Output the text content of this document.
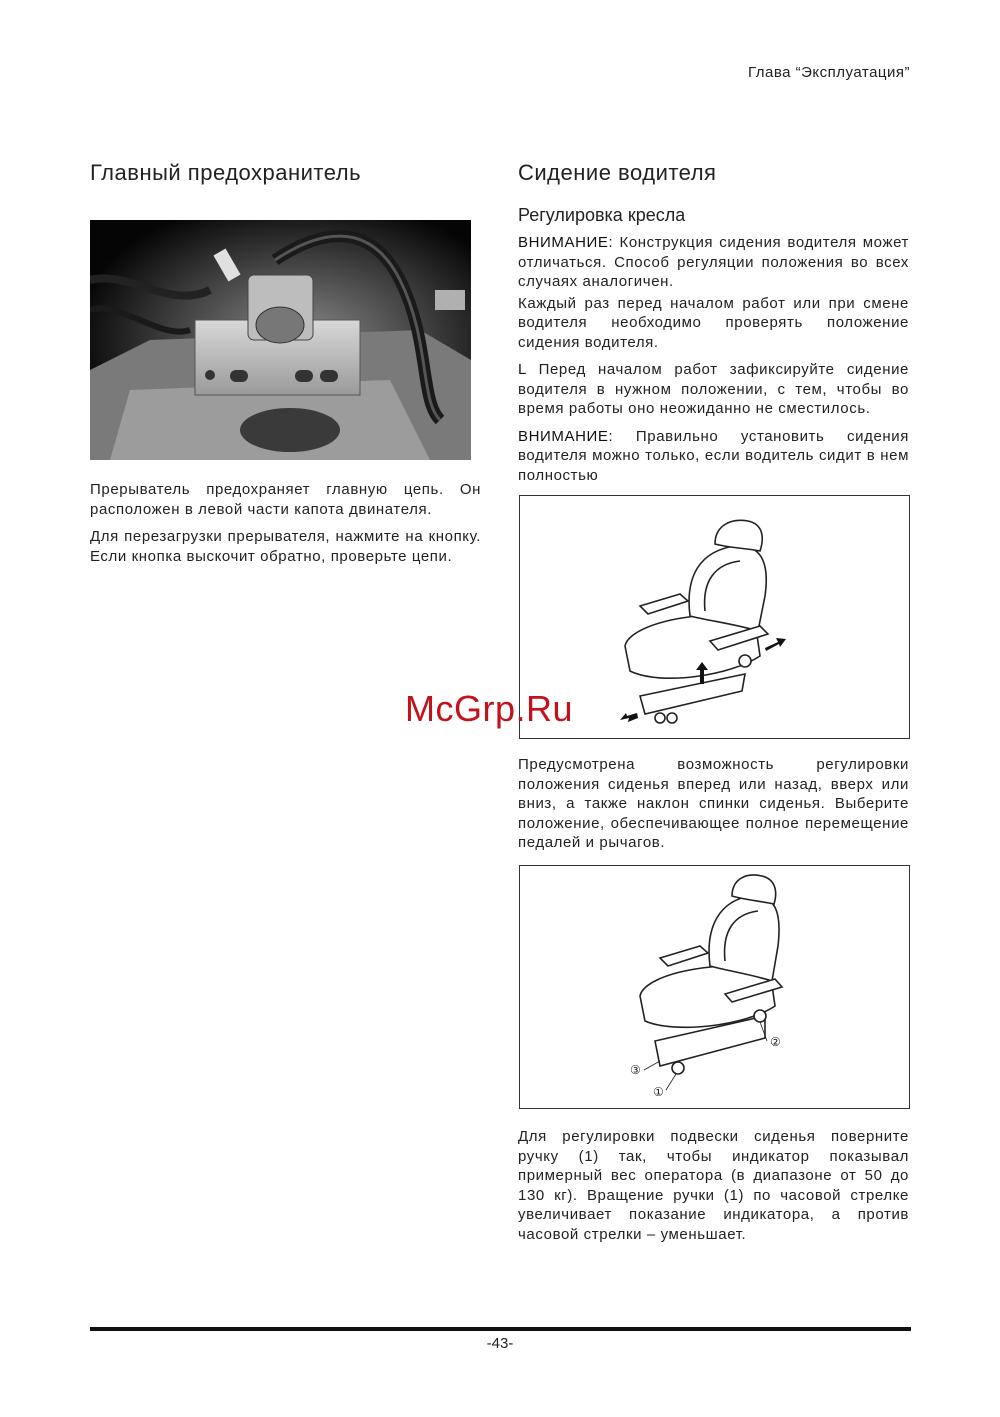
Глава “Эксплуатация”
Главный предохранитель

Прерыватель предохраняет главную цепь. Он расположен в левой части капота двинателя.

Для перезагрузки прерывателя, нажмите на кнопку. Если кнопка выскочит обратно, проверьте цепи.

Сидение водителя
Регулировка кресла

ВНИМАНИЕ: Конструкция сидения водителя может отличаться. Способ регуляции положения во всех случаях аналогичен.

Каждый раз перед началом работ или при смене водителя необходимо проверять положение сидения водителя.

L Перед началом работ зафиксируйте сидение водителя в нужном положении, с тем, чтобы во время работы оно неожиданно не сместилось.

ВНИМАНИЕ: Правильно установить сидения водителя можно только, если водитель сидит в нем полностью

McGrp.Ru

Предусмотрена возможность регулировки положения сиденья вперед или назад, вверх или вниз, а также наклон спинки сиденья. Выберите положение, обеспечивающее полное перемещение педалей и рычагов.

②
③
①

Для регулировки подвески сиденья поверните ручку (1) так, чтобы индикатор показывал примерный вес оператора (в диапазоне от 50 до 130 кг). Вращение ручки (1) по часовой стрелке увеличивает показание индикатора, а против часовой стрелки – уменьшает.

-43-
